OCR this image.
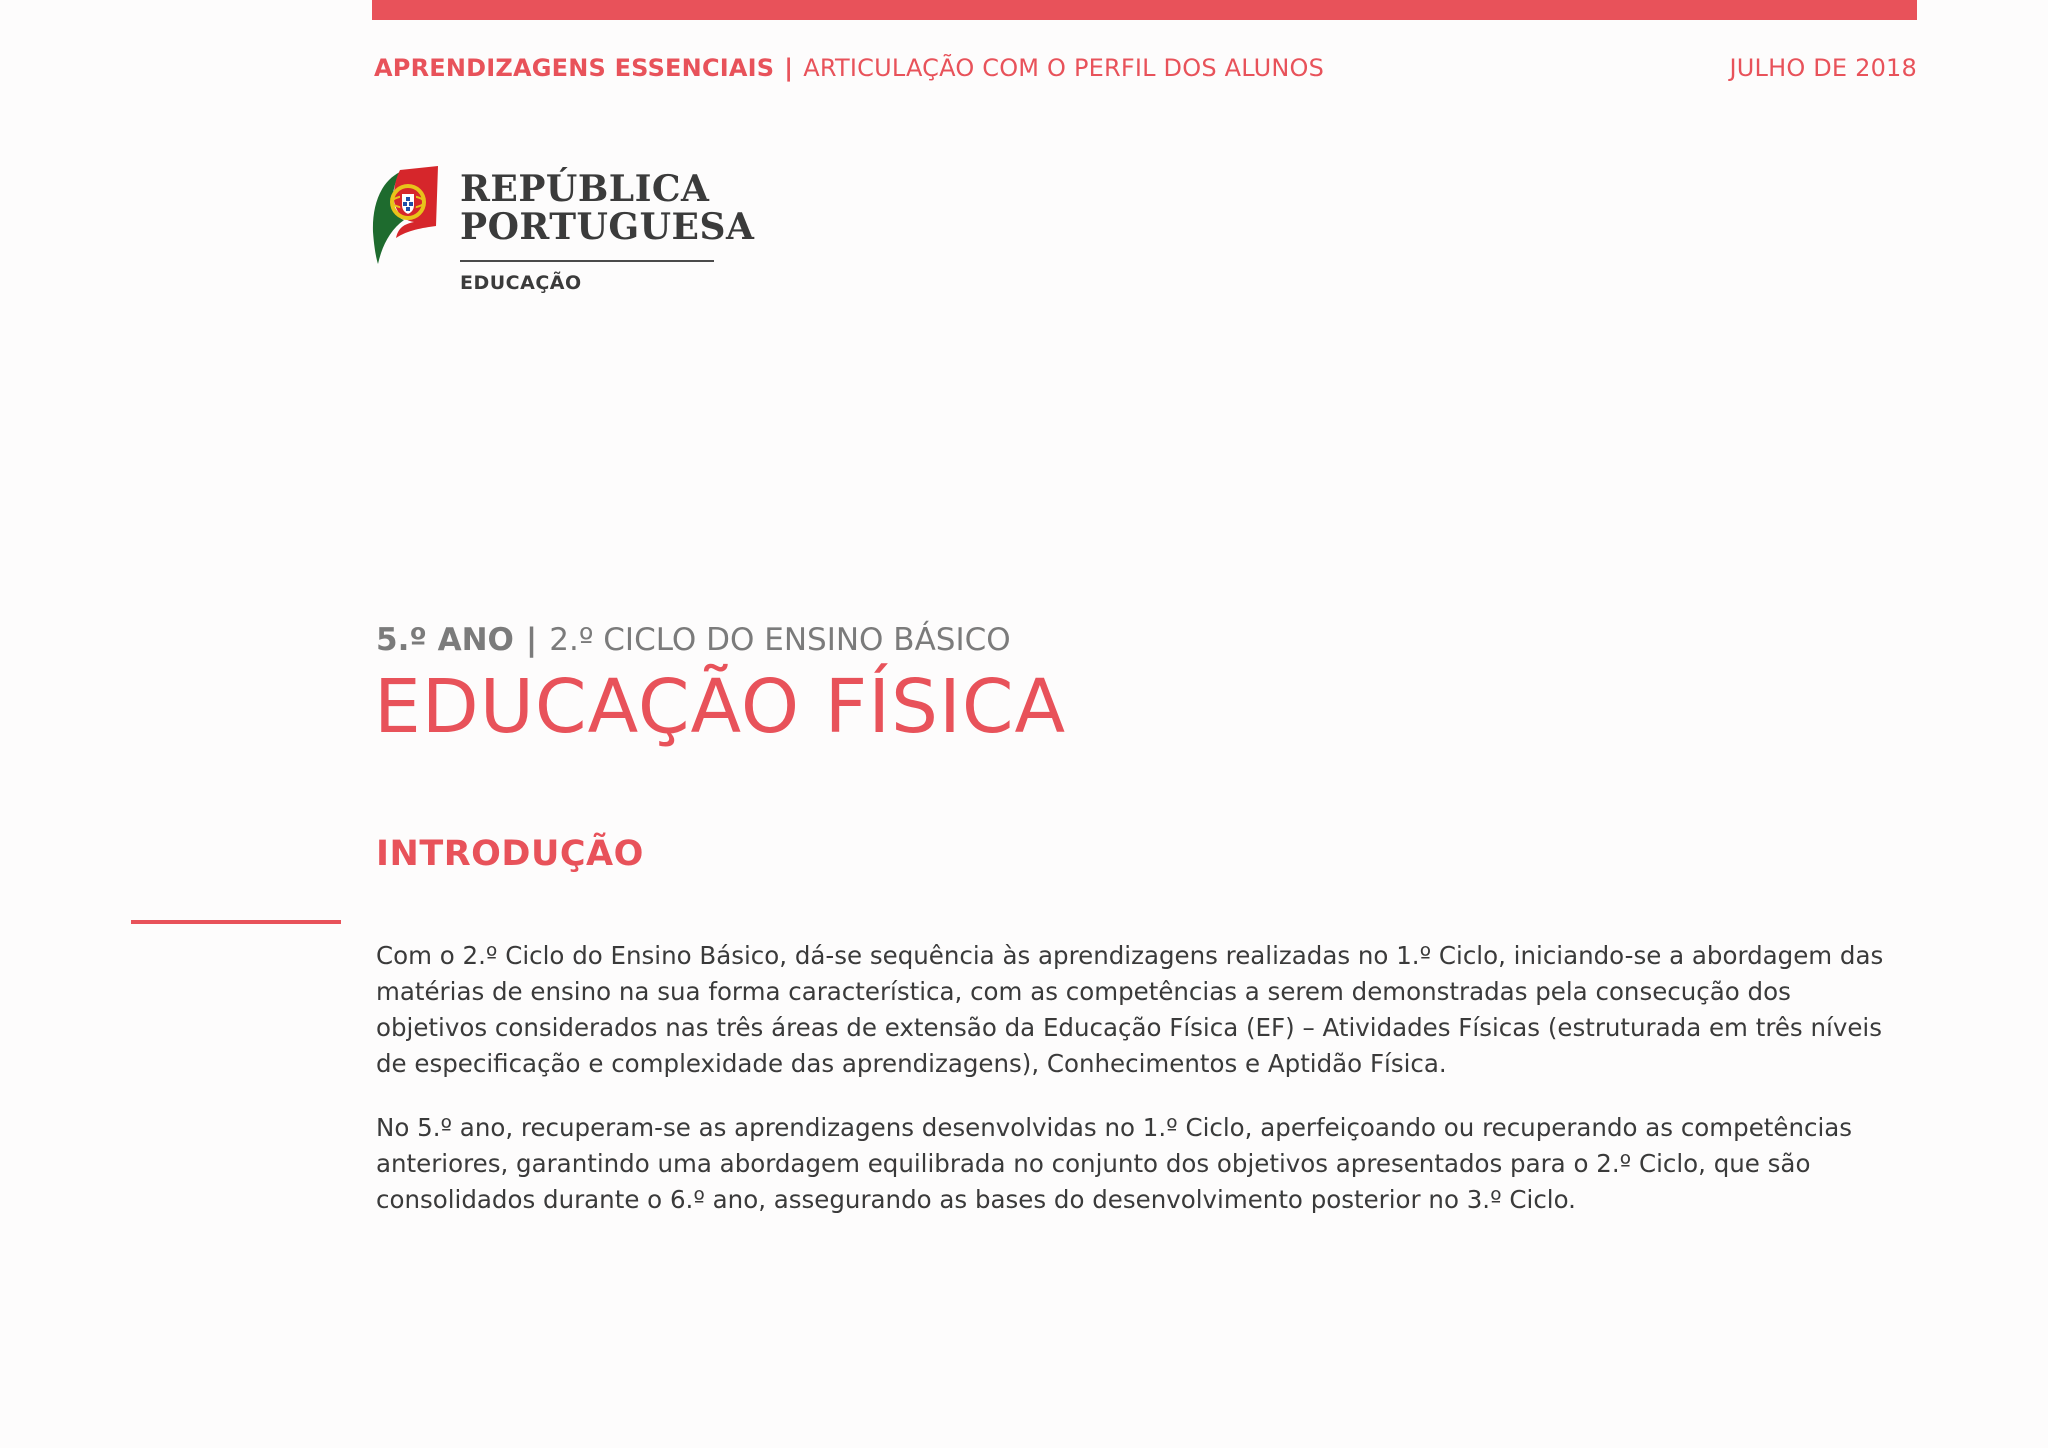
APRENDIZAGENS ESSENCIAIS | ARTICULAÇÃO COM O PERFIL DOS ALUNOS	JULHO DE 2018
REPÚBLICA
PORTUGUESA
EDUCAÇÃO
5.º ANO | 2.º CICLO DO ENSINO BÁSICO
EDUCAÇÃO FÍSICA
INTRODUÇÃO

Com o 2.º Ciclo do Ensino Básico, dá-se sequência às aprendizagens realizadas no 1.º Ciclo, iniciando-se a abordagem das matérias de ensino na sua forma característica, com as competências a serem demonstradas pela consecução dos objetivos considerados nas três áreas de extensão da Educação Física (EF) – Atividades Físicas (estruturada em três níveis de especificação e complexidade das aprendizagens), Conhecimentos e Aptidão Física.

No 5.º ano, recuperam-se as aprendizagens desenvolvidas no 1.º Ciclo, aperfeiçoando ou recuperando as competências anteriores, garantindo uma abordagem equilibrada no conjunto dos objetivos apresentados para o 2.º Ciclo, que são consolidados durante o 6.º ano, assegurando as bases do desenvolvimento posterior no 3.º Ciclo.
